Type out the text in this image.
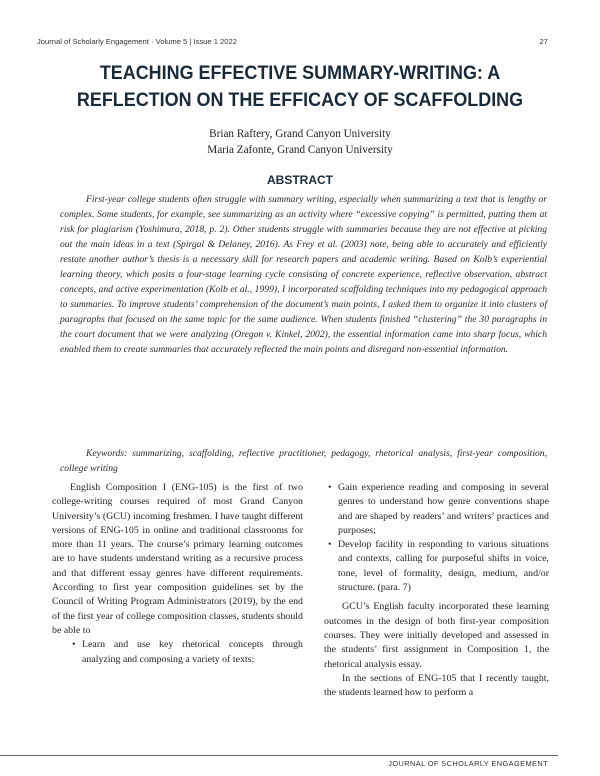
Journal of Scholarly Engagement · Volume 5 | Issue 1 2022	27
TEACHING EFFECTIVE SUMMARY-WRITING: A
REFLECTION ON THE EFFICACY OF SCAFFOLDING
Brian Raftery, Grand Canyon University
Maria Zafonte, Grand Canyon University
ABSTRACT

First-year college students often struggle with summary writing, especially when summarizing a text that is lengthy or complex. Some students, for example, see summarizing as an activity where “excessive copying” is permitted, putting them at risk for plagiarism (Yoshimura, 2018, p. 2). Other students struggle with summaries because they are not effective at picking out the main ideas in a text (Spirgal & Delaney, 2016). As Frey et al. (2003) note, being able to accurately and efficiently restate another author’s thesis is a necessary skill for research papers and academic writing. Based on Kolb’s experiential learning theory, which posits a four-stage learning cycle consisting of concrete experience, reflective observation, abstract concepts, and active experimentation (Kolb et al., 1999), I incorporated scaffolding techniques into my pedagogical approach to summaries. To improve students’ comprehension of the document’s main points, I asked them to organize it into clusters of paragraphs that focused on the same topic for the same audience. When students finished “clustering” the 30 paragraphs in the court document that we were analyzing (Oregon v. Kinkel, 2002), the essential information came into sharp focus, which enabled them to create summaries that accurately reflected the main points and disregard non-essential information.

Keywords: summarizing, scaffolding, reflective practitioner, pedagogy, rhetorical analysis, first-year composition, college writing

English Composition I (ENG-105) is the first of two college-writing courses required of most Grand Canyon University’s (GCU) incoming freshmen. I have taught different versions of ENG-105 in online and traditional classrooms for more than 11 years. The course’s primary learning outcomes are to have students understand writing as a recursive process and that different essay genres have different requirements. According to first year composition guidelines set by the Council of Writing Program Administrators (2019), by the end of the first year of college composition classes, students should be able to

• Learn and use key rhetorical concepts through analyzing and composing a variety of texts;
• Gain experience reading and composing in several genres to understand how genre conventions shape and are shaped by readers’ and writers’ practices and purposes;
• Develop facility in responding to various situations and contexts, calling for purposeful shifts in voice, tone, level of formality, design, medium, and/or structure. (para. 7)

GCU’s English faculty incorporated these learning outcomes in the design of both first-year composition courses. They were initially developed and assessed in the students’ first assignment in Composition 1, the rhetorical analysis essay.

In the sections of ENG-105 that I recently taught, the students learned how to perform a

JOURNAL OF SCHOLARLY ENGAGEMENT
